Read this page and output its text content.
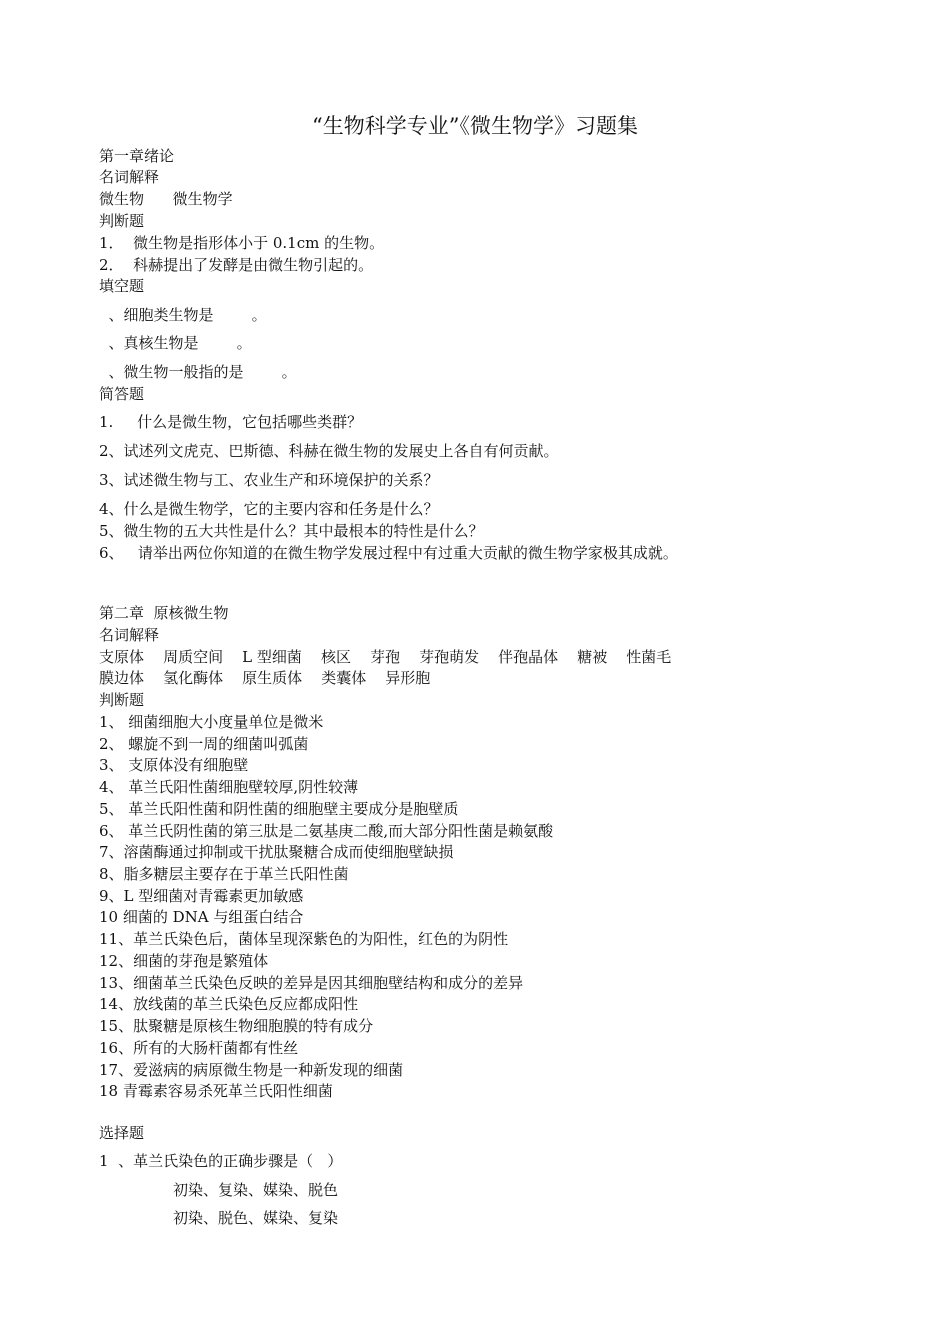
“生物科学专业”《微生物学》习题集
第一章绪论
名词解释
微生物      微生物学
判断题
1．  微生物是指形体小于 0.1cm 的生物。
2．  科赫提出了发酵是由微生物引起的。
填空题
、细胞类生物是        。
、真核生物是        。
、微生物一般指的是        。
简答题
1.     什么是微生物，它包括哪些类群？
2、试述列文虎克、巴斯德、科赫在微生物的发展史上各自有何贡献。
3、试述微生物与工、农业生产和环境保护的关系？
4、什么是微生物学，它的主要内容和任务是什么？
5、微生物的五大共性是什么？其中最根本的特性是什么？
6、   请举出两位你知道的在微生物学发展过程中有过重大贡献的微生物学家极其成就。
第二章  原核微生物
名词解释
支原体    周质空间    L 型细菌    核区    芽孢    芽孢萌发    伴孢晶体    糖被    性菌毛
膜边体    氢化酶体    原生质体    类囊体    异形胞
判断题
1、 细菌细胞大小度量单位是微米
2、 螺旋不到一周的细菌叫弧菌
3、 支原体没有细胞壁
4、 革兰氏阳性菌细胞壁较厚,阴性较薄
5、 革兰氏阳性菌和阴性菌的细胞壁主要成分是胞壁质
6、 革兰氏阴性菌的第三肽是二氨基庚二酸,而大部分阳性菌是赖氨酸
7、溶菌酶通过抑制或干扰肽聚糖合成而使细胞壁缺损
8、脂多糖层主要存在于革兰氏阳性菌
9、L 型细菌对青霉素更加敏感
10 细菌的 DNA 与组蛋白结合
11、革兰氏染色后，菌体呈现深紫色的为阳性，红色的为阴性
12、细菌的芽孢是繁殖体
13、细菌革兰氏染色反映的差异是因其细胞壁结构和成分的差异
14、放线菌的革兰氏染色反应都成阳性
15、肽聚糖是原核生物细胞膜的特有成分
16、所有的大肠杆菌都有性丝
17、爱滋病的病原微生物是一种新发现的细菌
18 青霉素容易杀死革兰氏阳性细菌
选择题
1  、革兰氏染色的正确步骤是（   ）
初染、复染、媒染、脱色
初染、脱色、媒染、复染
